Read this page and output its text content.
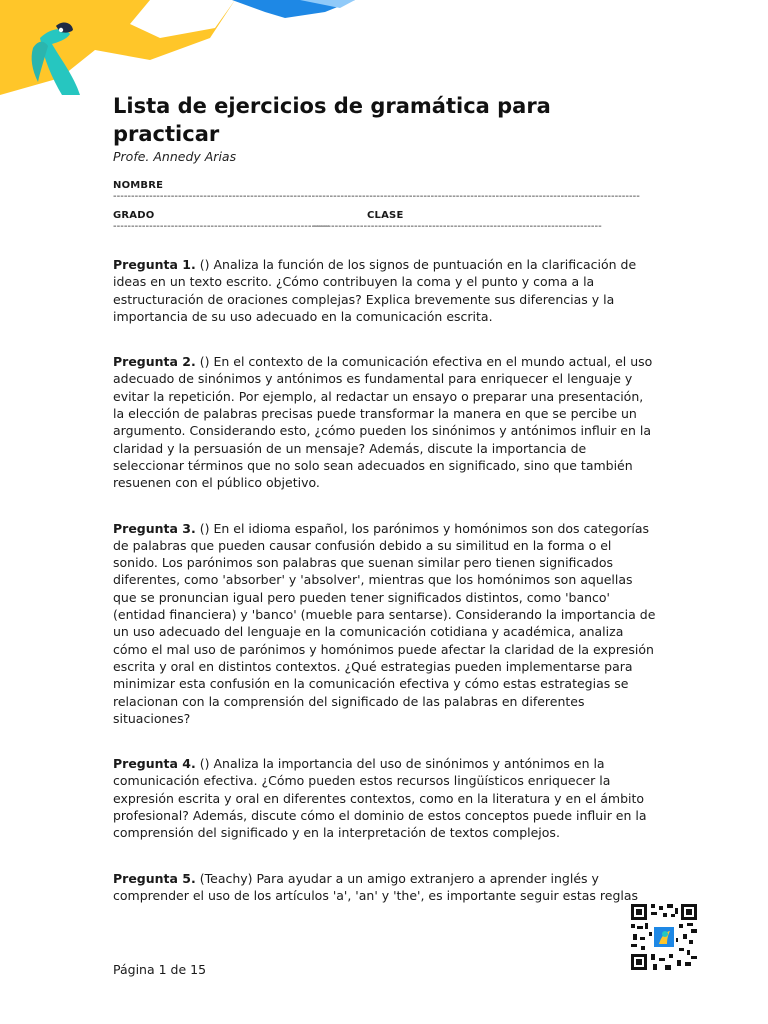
Lista de ejercicios de gramática para practicar
Profe. Annedy Arias
NOMBRE
--------------------------------------------------------------------------------------------------------------------------------------------------
GRADO
------------------------------------------------------------
CLASE
--------------------------------------------------------------------------------

Pregunta 1. () Analiza la función de los signos de puntuación en la clarificación de ideas en un texto escrito. ¿Cómo contribuyen la coma y el punto y coma a la estructuración de oraciones complejas? Explica brevemente sus diferencias y la importancia de su uso adecuado en la comunicación escrita.

Pregunta 2. () En el contexto de la comunicación efectiva en el mundo actual, el uso adecuado de sinónimos y antónimos es fundamental para enriquecer el lenguaje y evitar la repetición. Por ejemplo, al redactar un ensayo o preparar una presentación, la elección de palabras precisas puede transformar la manera en que se percibe un argumento. Considerando esto, ¿cómo pueden los sinónimos y antónimos influir en la claridad y la persuasión de un mensaje? Además, discute la importancia de seleccionar términos que no solo sean adecuados en significado, sino que también resuenen con el público objetivo.

Pregunta 3. () En el idioma español, los parónimos y homónimos son dos categorías de palabras que pueden causar confusión debido a su similitud en la forma o el sonido. Los parónimos son palabras que suenan similar pero tienen significados diferentes, como 'absorber' y 'absolver', mientras que los homónimos son aquellas que se pronuncian igual pero pueden tener significados distintos, como 'banco' (entidad financiera) y 'banco' (mueble para sentarse). Considerando la importancia de un uso adecuado del lenguaje en la comunicación cotidiana y académica, analiza cómo el mal uso de parónimos y homónimos puede afectar la claridad de la expresión escrita y oral en distintos contextos. ¿Qué estrategias pueden implementarse para minimizar esta confusión en la comunicación efectiva y cómo estas estrategias se relacionan con la comprensión del significado de las palabras en diferentes situaciones?

Pregunta 4. () Analiza la importancia del uso de sinónimos y antónimos en la comunicación efectiva. ¿Cómo pueden estos recursos lingüísticos enriquecer la expresión escrita y oral en diferentes contextos, como en la literatura y en el ámbito profesional? Además, discute cómo el dominio de estos conceptos puede influir en la comprensión del significado y en la interpretación de textos complejos.

Pregunta 5. (Teachy) Para ayudar a un amigo extranjero a aprender inglés y comprender el uso de los artículos 'a', 'an' y 'the', es importante seguir estas reglas

Página 1 de 15
